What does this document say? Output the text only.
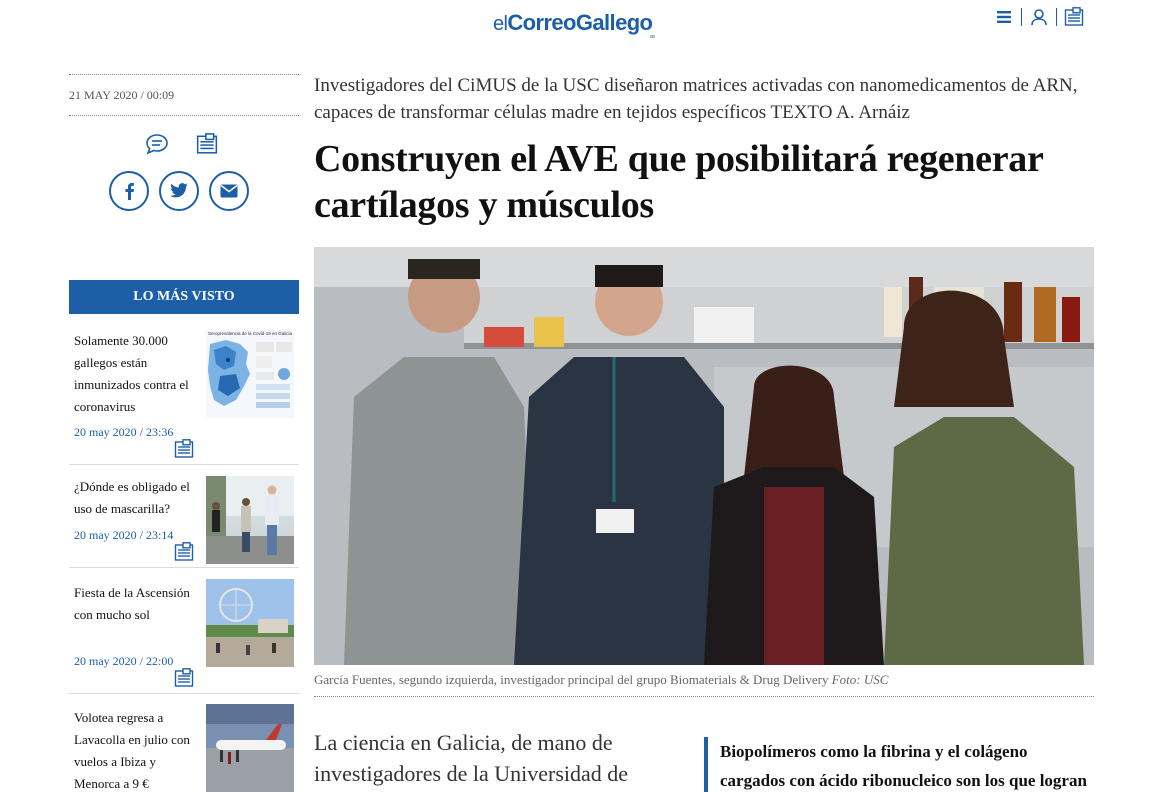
elCorreoGallego
.es
21 MAY 2020 / 00:09
LO MÁS VISTO
Solamente 30.000 gallegos están inmunizados contra el coronavirus
20 may 2020 / 23:36
Seroprevalencia de la Covid-19 en Galicia
¿Dónde es obligado el uso de mascarilla?
20 may 2020 / 23:14
Fiesta de la Ascensión con mucho sol
20 may 2020 / 22:00
Volotea regresa a Lavacolla en julio con vuelos a Ibiza y Menorca a 9 €
Investigadores del CiMUS de la USC diseñaron matrices activadas con nanomedicamentos de ARN, capaces de transformar células madre en tejidos específicos TEXTO A. Arnáiz
Construyen el AVE que posibilitará regenerar cartílagos y músculos
García Fuentes, segundo izquierda, investigador principal del grupo Biomaterials & Drug Delivery Foto: USC
La ciencia en Galicia, de mano de investigadores de la Universidad de
Biopolímeros como la fibrina y el colágeno cargados con ácido ribonucleico son los que logran
